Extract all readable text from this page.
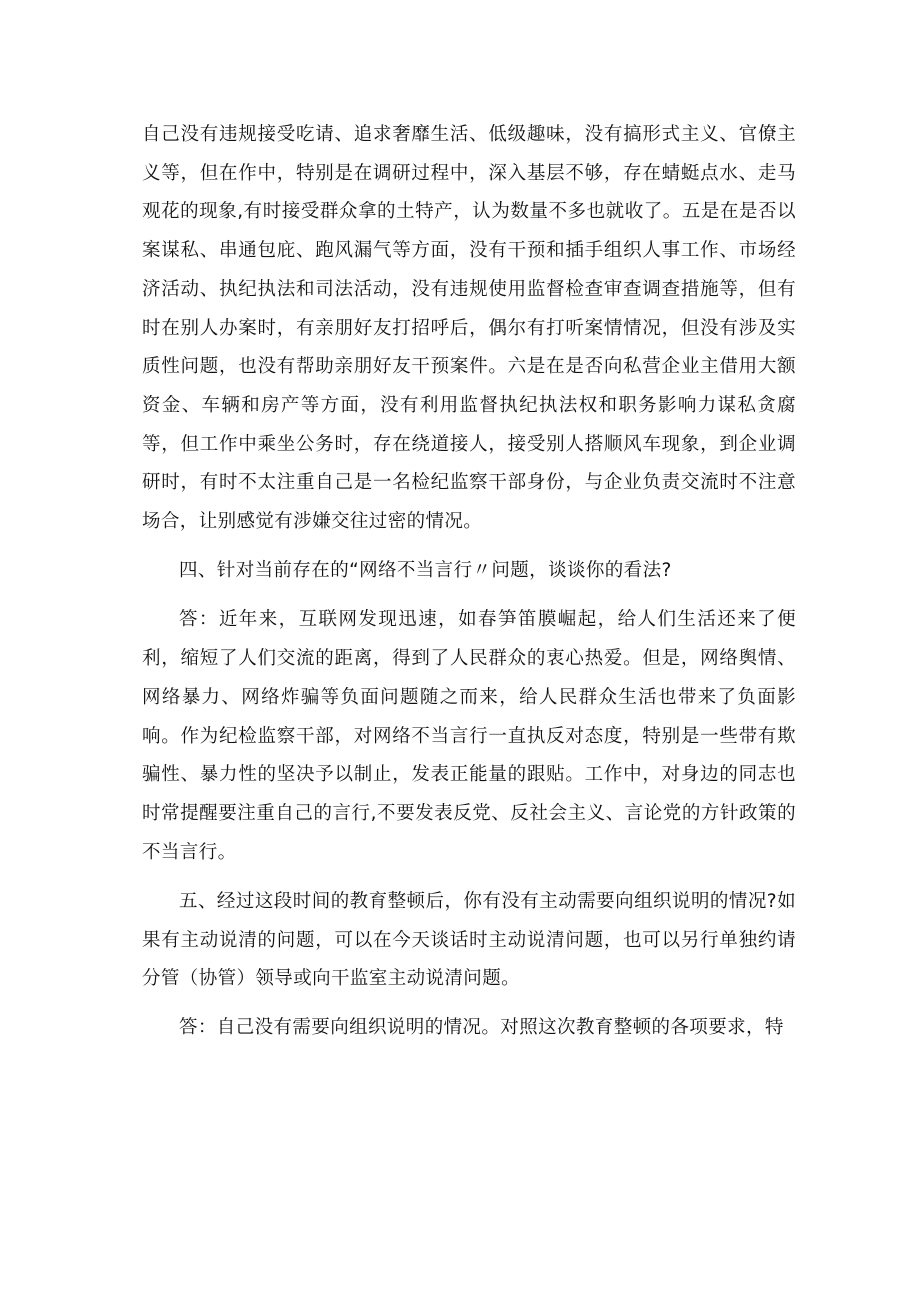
自己没有违规接受吃请、追求奢靡生活、低级趣味，没有搞形式主义、官僚主义等，但在作中，特别是在调研过程中，深入基层不够，存在蜻蜓点水、走马观花的现象,有时接受群众拿的土特产，认为数量不多也就收了。五是在是否以案谋私、串通包庇、跑风漏气等方面，没有干预和插手组织人事工作、市场经济活动、执纪执法和司法活动，没有违规使用监督检查审查调查措施等，但有时在别人办案时，有亲朋好友打招呼后，偶尔有打听案情情况，但没有涉及实质性问题，也没有帮助亲朋好友干预案件。六是在是否向私营企业主借用大额资金、车辆和房产等方面，没有利用监督执纪执法权和职务影响力谋私贪腐等，但工作中乘坐公务时，存在绕道接人，接受别人搭顺风车现象，到企业调研时，有时不太注重自己是一名检纪监察干部身份，与企业负责交流时不注意场合，让别感觉有涉嫌交往过密的情况。

四、针对当前存在的“网络不当言行〃问题，谈谈你的看法?

答：近年来，互联网发现迅速，如春笋笛膜崛起，给人们生活还来了便利，缩短了人们交流的距离，得到了人民群众的衷心热爱。但是，网络舆情、网络暴力、网络炸骗等负面问题随之而来，给人民群众生活也带来了负面影响。作为纪检监察干部，对网络不当言行一直执反对态度，特别是一些带有欺骗性、暴力性的坚决予以制止，发表正能量的跟贴。工作中，对身边的同志也时常提醒要注重自己的言行,不要发表反党、反社会主义、言论党的方针政策的不当言行。

五、经过这段时间的教育整顿后，你有没有主动需要向组织说明的情况?如果有主动说清的问题，可以在今天谈话时主动说清问题，也可以另行单独约请分管（协管）领导或向干监室主动说清问题。

答：自己没有需要向组织说明的情况。对照这次教育整顿的各项要求，特
